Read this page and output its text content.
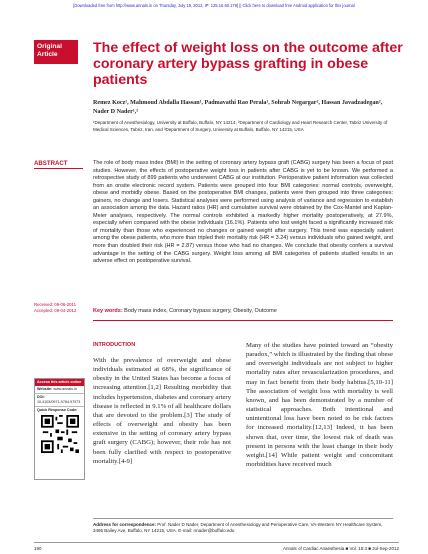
[Downloaded free from http://www.annals.in on Thursday, July 19, 2012, IP: 125.16.60.178] || Click here to download free Android application for this journal
Original
Article	The effect of weight loss on the outcome after coronary artery bypass grafting in obese patients

Remez Kocz¹, Mahmoud Abdalla Hassan¹, Padmavathi Rao Perala¹, Sohrab Negargar², Hassan Javadzadegan², Nader D Nader¹,³

¹Department of Anesthesiology, University at Buffalo, Buffalo, NY 14214, ²Department of Cardiology and Heart Research Center, Tabriz University of Medical Sciences, Tabriz, Iran, and ³Department of Surgery, University at Buffalo, Buffalo, NY 14215, USA

ABSTRACT	The role of body mass index (BMI) in the setting of coronary artery bypass graft (CABG) surgery has been a focus of past studies. However, the effects of postoperative weight loss in patients after CABG is yet to be known. We performed a retrospective study of 899 patients who underwent CABG at our institution. Perioperative patient information was collected from an onsite electronic record system. Patients were grouped into four BMI categories: normal controls, overweight, obese and morbidly obese. Based on the postoperative BMI changes, patients were then grouped into three categories: gainers, no change and losers. Statistical analyses were performed using analysis of variance and regression to establish an association among the data. Hazard ratios (HR) and cumulative survival were obtained by the Cox-Mantel and Kaplan-Meier analyses, respectively. The normal controls exhibited a markedly higher mortality postoperatively, at 27.9%, especially when compared with the obese individuals (16.1%). Patients who lost weight faced a significantly increased risk of mortality than those who experienced no changes or gained weight after surgery. This trend was especially salient among the obese patients, who more than tripled their mortality risk (HR = 3.24) versus individuals who gained weight, and more than doubled their risk (HR = 2.87) versus those who had no changes. We conclude that obesity confers a survival advantage in the setting of the CABG surgery. Weight loss among all BMI categories of patients studied results in an adverse effect on postoperative survival.

Received: 09-06-2011
Accepted: 09-04-2012	Key words: Body mass index, Coronary bypass surgery, Obesity, Outcome
Access this article online
Website: www.annals.in
DOI:
10.4103/0971-9784.97973
Quick Response Code:
INTRODUCTION

With the prevalence of overweight and obese individuals estimated at 68%, the significance of obesity in the United States has become a focus of increasing attention.[1,2] Resulting morbidity that includes hypertension, diabetes and coronary artery disease is reflected in 9.1% of all healthcare dollars that are devoted to the problem.[3] The study of effects of overweight and obesity has been extensive in the setting of coronary artery bypass graft surgery (CABG); however, their role has not been fully clarified with respect to postoperative mortality.[4-9]

Many of the studies have pointed toward an “obesity paradox,” which is illustrated by the finding that obese and overweight individuals are not subject to higher mortality rates after revascularization procedures, and may in fact benefit from their body habitus.[5,10-11] The association of weight loss with mortality is well known, and has been demonstrated by a number of statistical approaches. Both intentional and unintentional loss have been noted to be risk factors for increased mortality.[12,13] Indeed, it has been shown that, over time, the lowest risk of death was present in persons with the least change in their body weight.[14] While patient weight and concomitant morbidities have received much

Address for correspondence: Prof. Nader D Nader, Department of Anesthesiology and Perioperative Care, VA-Western NY Healthcare System, 3495 Bailey Ave, Buffalo, NY 14215, USA. E-mail: nnader@buffalo.edu
190	Annals of Cardiac Anaesthesia ■ Vol. 15:3 ■ Jul-Sep-2012
